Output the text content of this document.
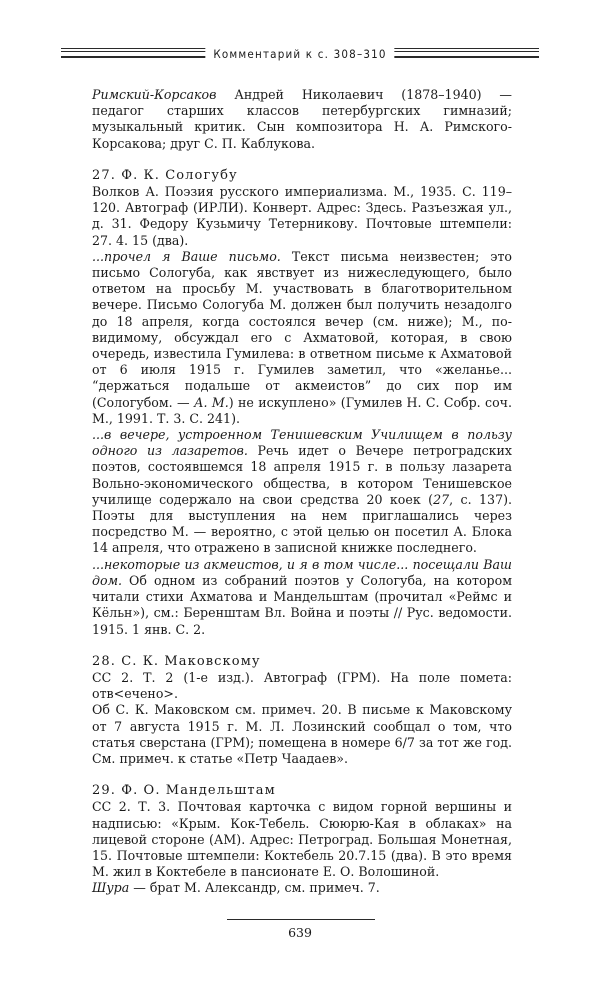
Комментарий к с. 308–310

Римский-Корсаков Андрей Николаевич (1878–1940) — педагог старших классов петербургских гимназий; музыкальный критик. Сын композитора Н. А. Римского-Корсакова; друг С. П. Каблукова.

27. Ф. К. Сологубу

Волков А. Поэзия русского империализма. М., 1935. С. 119–120. Автограф (ИРЛИ). Конверт. Адрес: Здесь. Разъезжая ул., д. 31. Федору Кузьмичу Тетерникову. Почтовые штемпели: 27. 4. 15 (два).

...прочел я Ваше письмо. Текст письма неизвестен; это письмо Сологуба, как явствует из нижеследующего, было ответом на просьбу М. участвовать в благотворительном вечере. Письмо Сологуба М. должен был получить незадолго до 18 апреля, когда состоялся вечер (см. ниже); М., по-видимому, обсуждал его с Ахматовой, которая, в свою очередь, известила Гумилева: в ответном письме к Ахматовой от 6 июля 1915 г. Гумилев заметил, что «желанье... “держаться подальше от акмеистов” до сих пор им (Сологубом. — А. М.) не искуплено» (Гумилев Н. С. Собр. соч. М., 1991. Т. 3. С. 241).

...в вечере, устроенном Тенишевским Училищем в пользу одного из лазаретов. Речь идет о Вечере петроградских поэтов, состоявшемся 18 апреля 1915 г. в пользу лазарета Вольно-экономического общества, в котором Тенишевское училище содержало на свои средства 20 коек (27, с. 137). Поэты для выступления на нем приглашались через посредство М. — вероятно, с этой целью он посетил А. Блока 14 апреля, что отражено в записной книжке последнего.

...некоторые из акмеистов, и я в том числе... посещали Ваш дом. Об одном из собраний поэтов у Сологуба, на котором читали стихи Ахматова и Мандельштам (прочитал «Реймс и Кёльн»), см.: Беренштам Вл. Война и поэты // Рус. ведомости. 1915. 1 янв. С. 2.

28. С. К. Маковскому

СС 2. Т. 2 (1-е изд.). Автограф (ГРМ). На поле помета: отв<ечено>.

Об С. К. Маковском см. примеч. 20. В письме к Маковскому от 7 августа 1915 г. М. Л. Лозинский сообщал о том, что статья сверстана (ГРМ); помещена в номере 6/7 за тот же год. См. примеч. к статье «Петр Чаадаев».

29. Ф. О. Мандельштам

СС 2. Т. 3. Почтовая карточка с видом горной вершины и надписью: «Крым. Кок-Тебель. Сююрю-Кая в облаках» на лицевой стороне (АМ). Адрес: Петроград. Большая Монетная, 15. Почтовые штемпели: Коктебель 20.7.15 (два). В это время М. жил в Коктебеле в пансионате Е. О. Волошиной.

Шура — брат М. Александр, см. примеч. 7.

639
